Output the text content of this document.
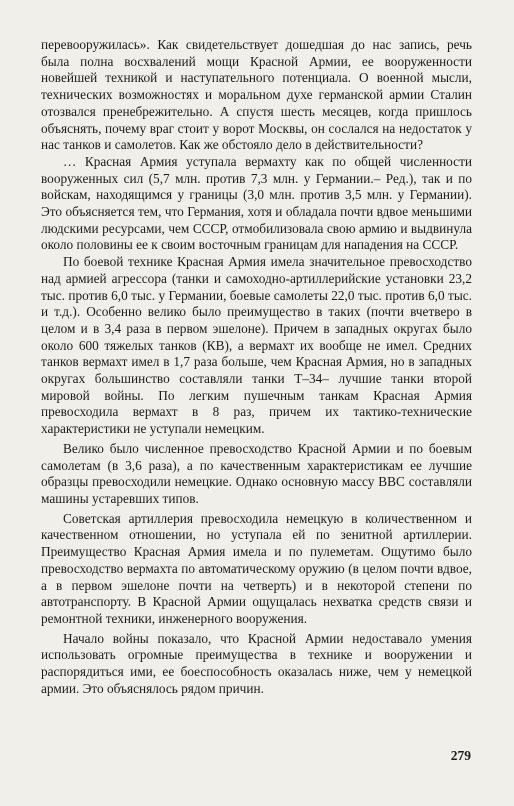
перевооружилась». Как свидетельствует дошедшая до нас запись, речь была полна восхвалений мощи Красной Армии, ее вооруженности новейшей техникой и наступательного потенциала. О военной мысли, технических возможностях и моральном духе германской армии Сталин отозвался пренебрежительно. А спустя шесть месяцев, когда пришлось объяснять, почему враг стоит у ворот Москвы, он сослался на недостаток у нас танков и самолетов. Как же обстояло дело в действительности?

… Красная Армия уступала вермахту как по общей численности вооруженных сил (5,7 млн. против 7,3 млн. у Германии.– Ред.), так и по войскам, находящимся у границы (3,0 млн. против 3,5 млн. у Германии). Это объясняется тем, что Германия, хотя и обладала почти вдвое меньшими людскими ресурсами, чем СССР, отмобилизовала свою армию и выдвинула около половины ее к своим восточным границам для нападения на СССР.

По боевой технике Красная Армия имела значительное превосходство над армией агрессора (танки и самоходно-артиллерийские установки 23,2 тыс. против 6,0 тыс. у Германии, боевые самолеты 22,0 тыс. против 6,0 тыс. и т.д.). Особенно велико было преимущество в таких (почти вчетверо в целом и в 3,4 раза в первом эшелоне). Причем в западных округах было около 600 тяжелых танков (КВ), а вермахт их вообще не имел. Средних танков вермахт имел в 1,7 раза больше, чем Красная Армия, но в западных округах большинство составляли танки Т–34– лучшие танки второй мировой войны. По легким пушечным танкам Красная Армия превосходила вермахт в 8 раз, причем их тактико-технические характеристики не уступали немецким.

Велико было численное превосходство Красной Армии и по боевым самолетам (в 3,6 раза), а по качественным характеристикам ее лучшие образцы превосходили немецкие. Однако основную массу ВВС составляли машины устаревших типов.

Советская артиллерия превосходила немецкую в количественном и качественном отношении, но уступала ей по зенитной артиллерии. Преимущество Красная Армия имела и по пулеметам. Ощутимо было превосходство вермахта по автоматическому оружию (в целом почти вдвое, а в первом эшелоне почти на четверть) и в некоторой степени по автотранспорту. В Красной Армии ощущалась нехватка средств связи и ремонтной техники, инженерного вооружения.

Начало войны показало, что Красной Армии недоставало умения использовать огромные преимущества в технике и вооружении и распорядиться ими, ее боеспособность оказалась ниже, чем у немецкой армии. Это объяснялось рядом причин.

279
